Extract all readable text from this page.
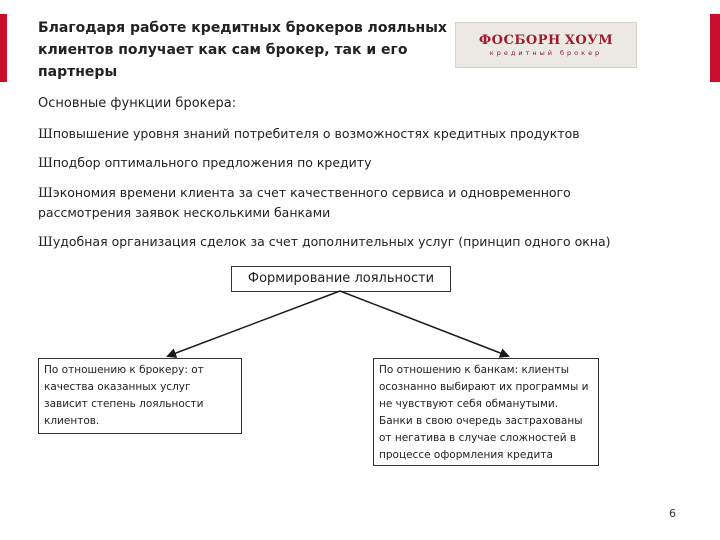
Благодаря работе кредитных брокеров лояльных клиентов получает как сам брокер, так и его партнеры
ФОСБОРН ХОУМ
кредитный брокер
Основные функции брокера:
Шповышение уровня знаний потребителя о возможностях кредитных продуктов
Шподбор оптимального предложения по кредиту
Шэкономия времени клиента за счет качественного сервиса и одновременного рассмотрения заявок несколькими банками
Шудобная организация сделок за счет дополнительных услуг (принцип одного окна)
Формирование лояльности
По отношению к брокеру: от качества оказанных услуг зависит степень лояльности клиентов.
По отношению к банкам: клиенты осознанно выбирают их программы и не чувствуют себя обманутыми. Банки в свою очередь застрахованы от негатива в случае сложностей в процессе оформления кредита
6
